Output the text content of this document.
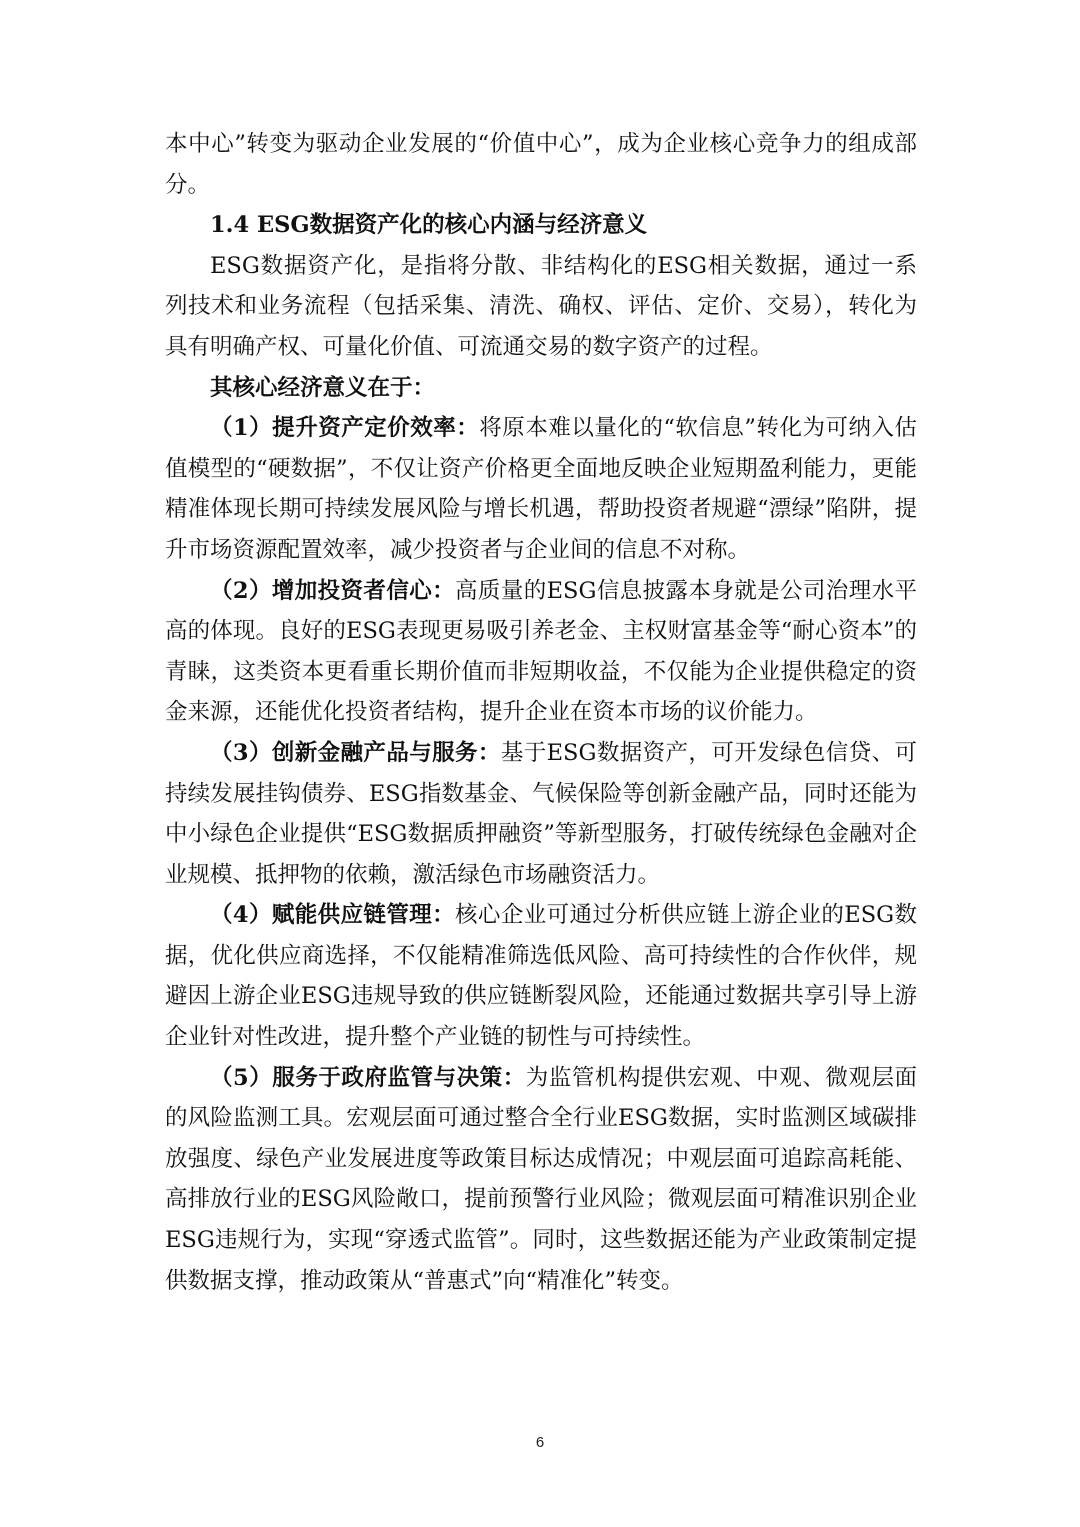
本中心”转变为驱动企业发展的“价值中心”，成为企业核心竞争力的组成部分。

1.4 ESG数据资产化的核心内涵与经济意义

ESG数据资产化，是指将分散、非结构化的ESG相关数据，通过一系列技术和业务流程（包括采集、清洗、确权、评估、定价、交易），转化为具有明确产权、可量化价值、可流通交易的数字资产的过程。

其核心经济意义在于：

（1）提升资产定价效率：将原本难以量化的“软信息”转化为可纳入估值模型的“硬数据”，不仅让资产价格更全面地反映企业短期盈利能力，更能精准体现长期可持续发展风险与增长机遇，帮助投资者规避“漂绿”陷阱，提升市场资源配置效率，减少投资者与企业间的信息不对称。

（2）增加投资者信心：高质量的ESG信息披露本身就是公司治理水平高的体现。良好的ESG表现更易吸引养老金、主权财富基金等“耐心资本”的青睐，这类资本更看重长期价值而非短期收益，不仅能为企业提供稳定的资金来源，还能优化投资者结构，提升企业在资本市场的议价能力。

（3）创新金融产品与服务：基于ESG数据资产，可开发绿色信贷、可持续发展挂钩债券、ESG指数基金、气候保险等创新金融产品，同时还能为中小绿色企业提供“ESG数据质押融资”等新型服务，打破传统绿色金融对企业规模、抵押物的依赖，激活绿色市场融资活力。

（4）赋能供应链管理：核心企业可通过分析供应链上游企业的ESG数据，优化供应商选择，不仅能精准筛选低风险、高可持续性的合作伙伴，规避因上游企业ESG违规导致的供应链断裂风险，还能通过数据共享引导上游企业针对性改进，提升整个产业链的韧性与可持续性。

（5）服务于政府监管与决策：为监管机构提供宏观、中观、微观层面的风险监测工具。宏观层面可通过整合全行业ESG数据，实时监测区域碳排放强度、绿色产业发展进度等政策目标达成情况；中观层面可追踪高耗能、高排放行业的ESG风险敞口，提前预警行业风险；微观层面可精准识别企业ESG违规行为，实现“穿透式监管”。同时，这些数据还能为产业政策制定提供数据支撑，推动政策从“普惠式”向“精准化”转变。

6
